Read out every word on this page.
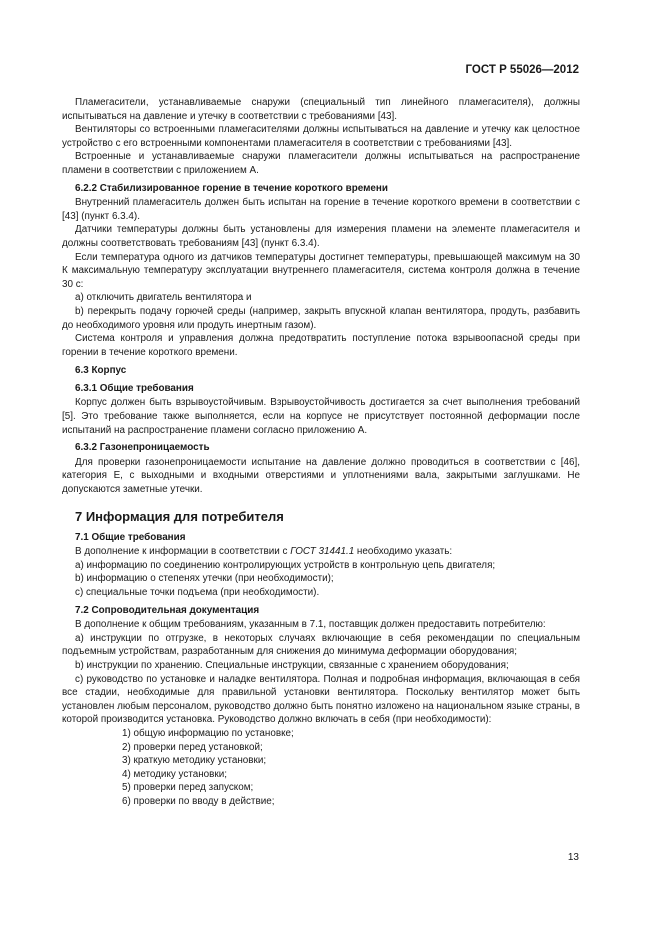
ГОСТ Р 55026—2012

Пламегасители, устанавливаемые снаружи (специальный тип линейного пламегасителя), должны испытываться на давление и утечку в соответствии с требованиями [43].

Вентиляторы со встроенными пламегасителями должны испытываться на давление и утечку как целостное устройство с его встроенными компонентами пламегасителя в соответствии с требованиями [43].

Встроенные и устанавливаемые снаружи пламегасители должны испытываться на распространение пламени в соответствии с приложением А.

6.2.2 Стабилизированное горение в течение короткого времени

Внутренний пламегаситель должен быть испытан на горение в течение короткого времени в соответствии с [43] (пункт 6.3.4).

Датчики температуры должны быть установлены для измерения пламени на элементе пламегасителя и должны соответствовать требованиям [43] (пункт 6.3.4).

Если температура одного из датчиков температуры достигнет температуры, превышающей максимум на 30 К максимальную температуру эксплуатации внутреннего пламегасителя, система контроля должна в течение 30 с:

a) отключить двигатель вентилятора и

b) перекрыть подачу горючей среды (например, закрыть впускной клапан вентилятора, продуть, разбавить до необходимого уровня или продуть инертным газом).

Система контроля и управления должна предотвратить поступление потока взрывоопасной среды при горении в течение короткого времени.

6.3 Корпус
6.3.1 Общие требования

Корпус должен быть взрывоустойчивым. Взрывоустойчивость достигается за счет выполнения требований [5]. Это требование также выполняется, если на корпусе не присутствует постоянной деформации после испытаний на распространение пламени согласно приложению А.

6.3.2 Газонепроницаемость

Для проверки газонепроницаемости испытание на давление должно проводиться в соответствии с [46], категория Е, с выходными и входными отверстиями и уплотнениями вала, закрытыми заглушками. Не допускаются заметные утечки.

7 Информация для потребителя
7.1 Общие требования

В дополнение к информации в соответствии с ГОСТ 31441.1 необходимо указать:

a) информацию по соединению контролирующих устройств в контрольную цепь двигателя;

b) информацию о степенях утечки (при необходимости);

c) специальные точки подъема (при необходимости).

7.2 Сопроводительная документация

В дополнение к общим требованиям, указанным в 7.1, поставщик должен предоставить потребителю:

a) инструкции по отгрузке, в некоторых случаях включающие в себя рекомендации по специальным подъемным устройствам, разработанным для снижения до минимума деформации оборудования;

b) инструкции по хранению. Специальные инструкции, связанные с хранением оборудования;

c) руководство по установке и наладке вентилятора. Полная и подробная информация, включающая в себя все стадии, необходимые для правильной установки вентилятора. Поскольку вентилятор может быть установлен любым персоналом, руководство должно быть понятно изложено на национальном языке страны, в которой производится установка. Руководство должно включать в себя (при необходимости):

1) общую информацию по установке;

2) проверки перед установкой;

3) краткую методику установки;

4) методику установки;

5) проверки перед запуском;

6) проверки по вводу в действие;

13
